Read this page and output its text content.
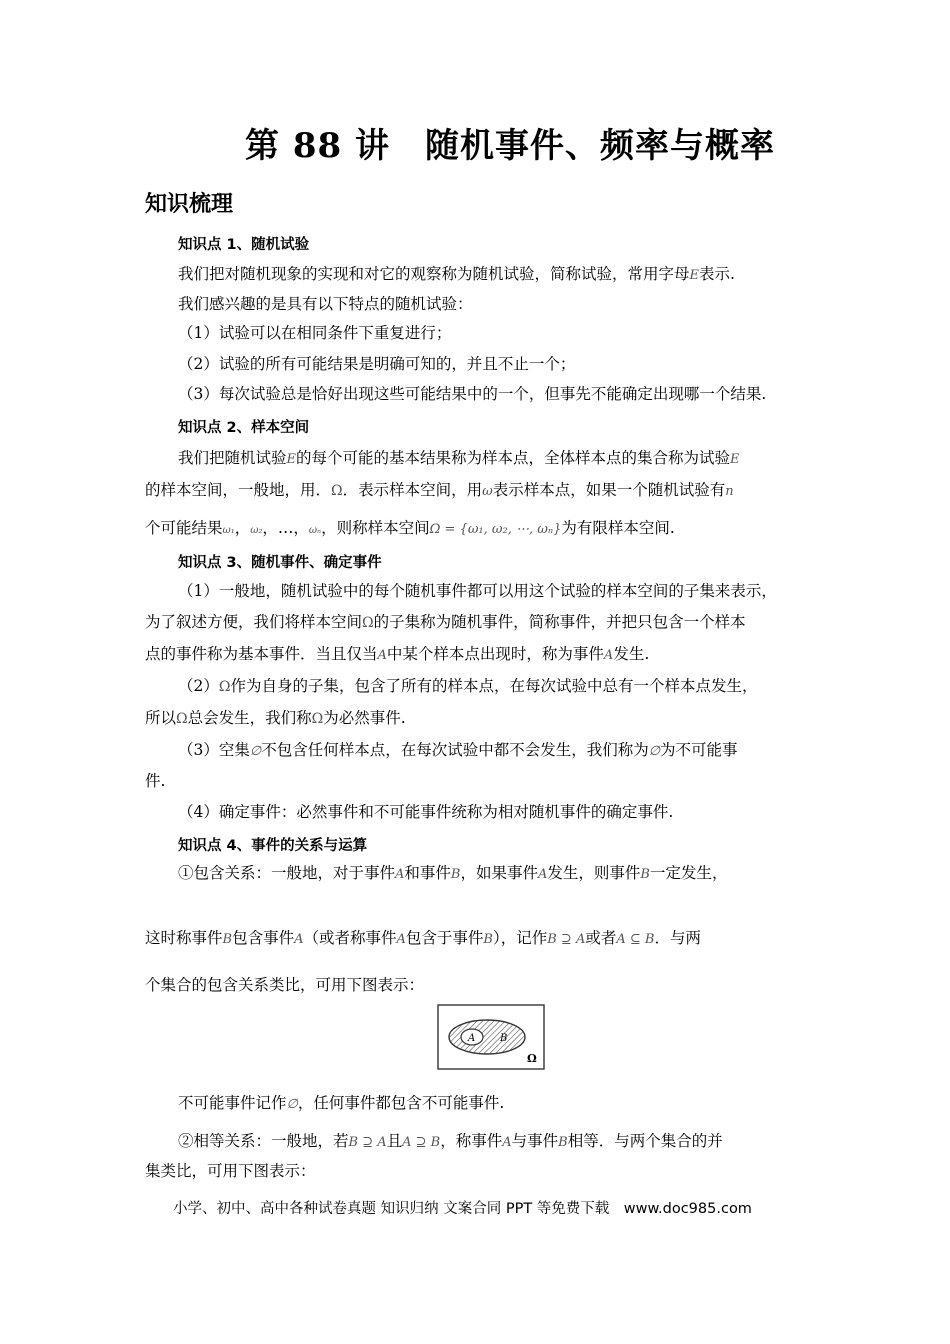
第 88 讲　随机事件、频率与概率
知识梳理
知识点 1、随机试验
我们把对随机现象的实现和对它的观察称为随机试验，简称试验，常用字母E表示.
我们感兴趣的是具有以下特点的随机试验：
（1）试验可以在相同条件下重复进行；
（2）试验的所有可能结果是明确可知的，并且不止一个；
（3）每次试验总是恰好出现这些可能结果中的一个，但事先不能确定出现哪一个结果.
知识点 2、样本空间
我们把随机试验E的每个可能的基本结果称为样本点，全体样本点的集合称为试验E
的样本空间，一般地，用．Ω．表示样本空间，用ω表示样本点，如果一个随机试验有n
个可能结果ω₁，ω₂，…，ωₙ，则称样本空间Ω = {ω₁, ω₂, ⋯, ωₙ}为有限样本空间.
知识点 3、随机事件、确定事件
（1）一般地，随机试验中的每个随机事件都可以用这个试验的样本空间的子集来表示，
为了叙述方便，我们将样本空间Ω的子集称为随机事件，简称事件，并把只包含一个样本
点的事件称为基本事件．当且仅当A中某个样本点出现时，称为事件A发生.
（2）Ω作为自身的子集，包含了所有的样本点，在每次试验中总有一个样本点发生，
所以Ω总会发生，我们称Ω为必然事件.
（3）空集∅不包含任何样本点，在每次试验中都不会发生，我们称为∅为不可能事
件.
（4）确定事件：必然事件和不可能事件统称为相对随机事件的确定事件.
知识点 4、事件的关系与运算
①包含关系：一般地，对于事件A和事件B，如果事件A发生，则事件B一定发生，
这时称事件B包含事件A（或者称事件A包含于事件B），记作B ⊇ A或者A ⊆ B．与两
个集合的包含关系类比，可用下图表示：
A B
Ω
不可能事件记作∅，任何事件都包含不可能事件.
②相等关系：一般地，若B ⊇ A且A ⊇ B，称事件A与事件B相等．与两个集合的并
集类比，可用下图表示：
小学、初中、高中各种试卷真题 知识归纳 文案合同 PPT 等免费下载　www.doc985.com
